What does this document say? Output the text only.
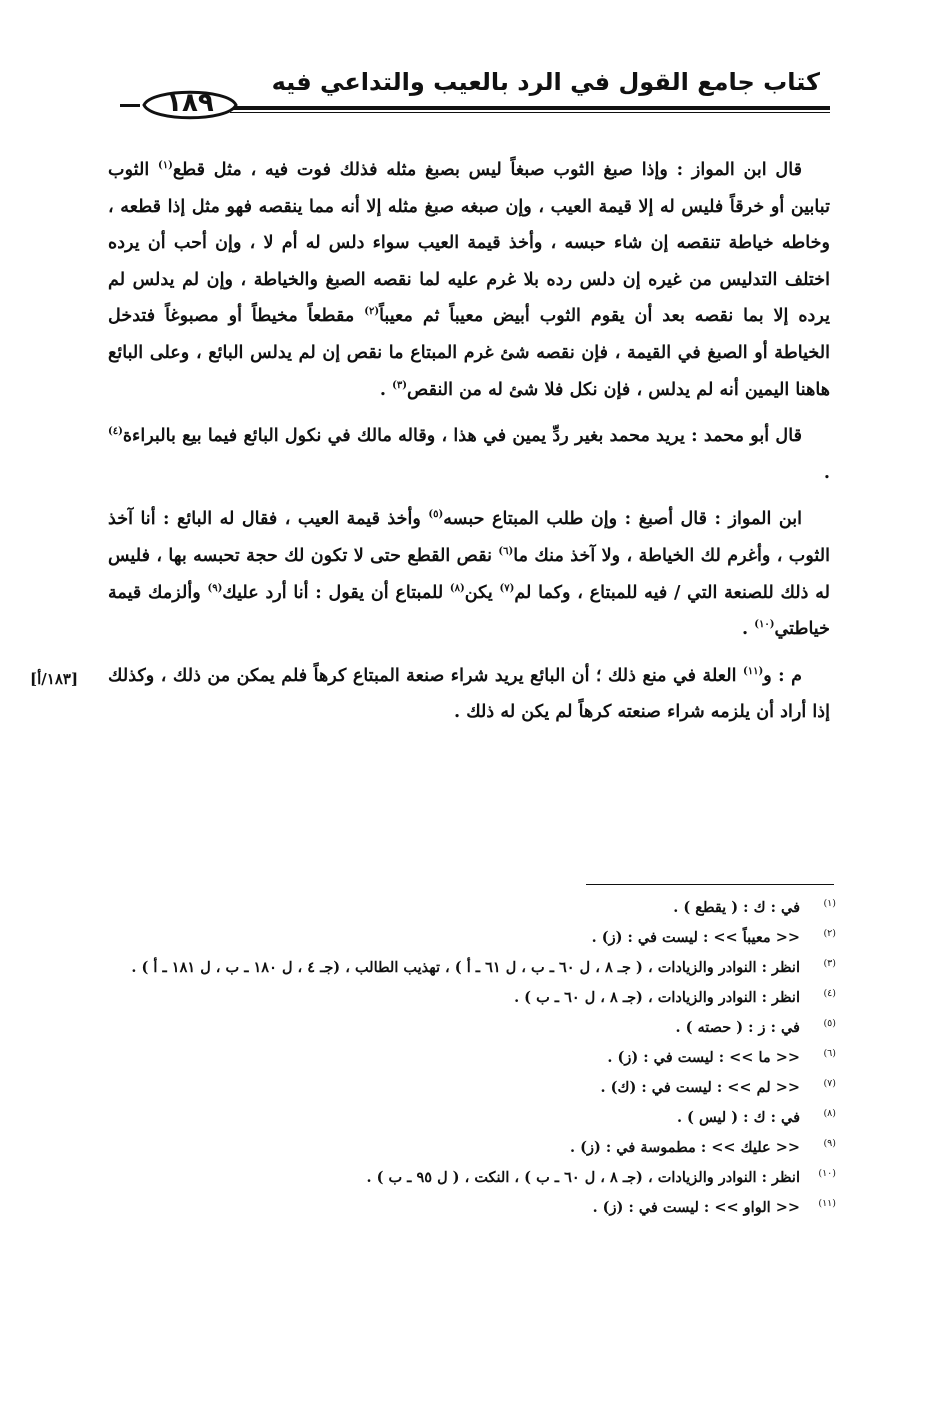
كتاب جامع القول في الرد بالعيب والتداعي فيه
١٨٩

قال ابن المواز : وإذا صبغ الثوب صبغاً ليس بصبغ مثله فذلك فوت فيه ، مثل قطع$^{(١)}$ الثوب تبابين أو خرقاً فليس له إلا قيمة العيب ، وإن صبغه صبغ مثله إلا أنه مما ينقصه فهو مثل إذا قطعه ، وخاطه خياطة تنقصه إن شاء حبسه ، وأخذ قيمة العيب سواء دلس له أم لا ، وإن أحب أن يرده اختلف التدليس من غيره إن دلس رده بلا غرم عليه لما نقصه الصبغ والخياطة ، وإن لم يدلس لم يرده إلا بما نقصه بعد أن يقوم الثوب أبيض معيباً ثم معيباً$^{(٢)}$ مقطعاً مخيطاً أو مصبوغاً فتدخل الخياطة أو الصبغ في القيمة ، فإن نقصه شئ غرم المبتاع ما نقص إن لم يدلس البائع ، وعلى البائع هاهنا اليمين أنه لم يدلس ، فإن نكل فلا شئ له من النقص$^{(٣)}$ .

قال أبو محمد : يريد محمد بغير ردِّ يمين في هذا ، وقاله مالك في نكول البائع فيما بيع بالبراءة$^{(٤)}$ .

ابن المواز : قال أصبغ : وإن طلب المبتاع حبسه$^{(٥)}$ وأخذ قيمة العيب ، فقال له البائع : أنا آخذ الثوب ، وأغرم لك الخياطة ، ولا آخذ منك ما$^{(٦)}$ نقص القطع حتى لا تكون لك حجة تحبسه بها ، فليس له ذلك للصنعة التي / فيه للمبتاع ، وكما لم$^{(٧)}$ يكن$^{(٨)}$ للمبتاع أن يقول : أنا أرد عليك$^{(٩)}$ وألزمك قيمة خياطتي$^{(١٠)}$ .

م : و$^{(١١)}$ العلة في منع ذلك ؛ أن البائع يريد شراء صنعة المبتاع كرهاً فلم يمكن من ذلك ، وكذلك إذا أراد أن يلزمه شراء صنعته كرهاً لم يكن له ذلك .

[١٨٣/أ]
(١)
في : ك : ( يقطع ) .
(٢)
<< معيباً >> : ليست في : (ز) .
(٣)
انظر : النوادر والزيادات ، ( جـ ٨ ، ل ٦٠ ـ ب ، ل ٦١ ـ أ ) ، تهذيب الطالب ، (جـ ٤ ، ل ١٨٠ ـ ب ، ل ١٨١ ـ أ ) .
(٤)
انظر : النوادر والزيادات ، (جـ ٨ ، ل ٦٠ ـ ب ) .
(٥)
في : ز : ( حصته ) .
(٦)
<< ما >> : ليست في : (ز) .
(٧)
<< لم >> : ليست في : (ك) .
(٨)
في : ك : ( ليس ) .
(٩)
<< عليك >> : مطموسة في : (ز) .
(١٠)
انظر : النوادر والزيادات ، (جـ ٨ ، ل ٦٠ ـ ب ) ، النكت ، ( ل ٩٥ ـ ب ) .
(١١)
<< الواو >> : ليست في : (ز) .
